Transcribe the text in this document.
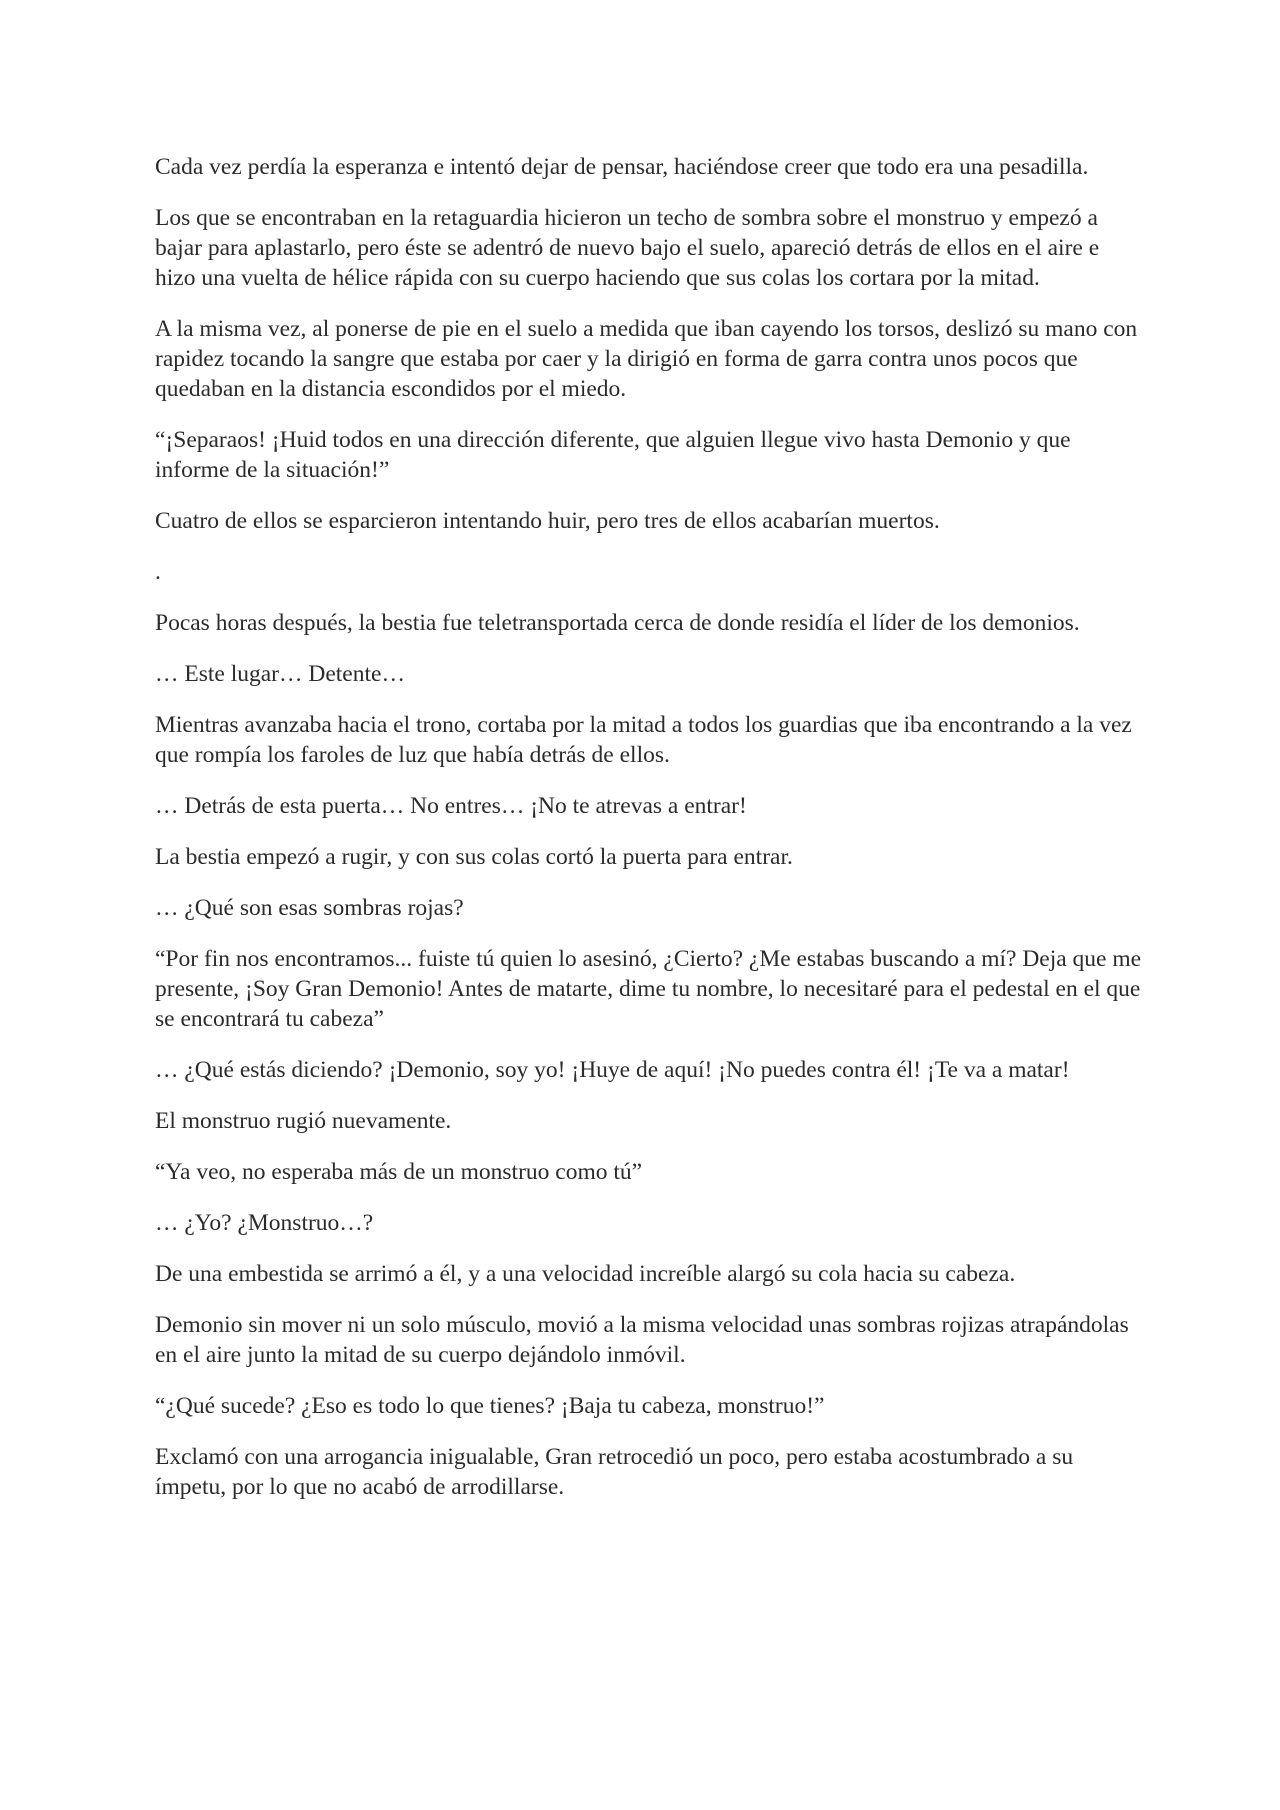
Cada vez perdía la esperanza e intentó dejar de pensar, haciéndose creer que todo era una pesadilla.

Los que se encontraban en la retaguardia hicieron un techo de sombra sobre el monstruo y empezó a bajar para aplastarlo, pero éste se adentró de nuevo bajo el suelo, apareció detrás de ellos en el aire e hizo una vuelta de hélice rápida con su cuerpo haciendo que sus colas los cortara por la mitad.

A la misma vez, al ponerse de pie en el suelo a medida que iban cayendo los torsos, deslizó su mano con rapidez tocando la sangre que estaba por caer y la dirigió en forma de garra contra unos pocos que quedaban en la distancia escondidos por el miedo.

“¡Separaos! ¡Huid todos en una dirección diferente, que alguien llegue vivo hasta Demonio y que informe de la situación!”

Cuatro de ellos se esparcieron intentando huir, pero tres de ellos acabarían muertos.

.

Pocas horas después, la bestia fue teletransportada cerca de donde residía el líder de los demonios.

… Este lugar… Detente…

Mientras avanzaba hacia el trono, cortaba por la mitad a todos los guardias que iba encontrando a la vez que rompía los faroles de luz que había detrás de ellos.

… Detrás de esta puerta… No entres… ¡No te atrevas a entrar!

La bestia empezó a rugir, y con sus colas cortó la puerta para entrar.

… ¿Qué son esas sombras rojas?

“Por fin nos encontramos... fuiste tú quien lo asesinó, ¿Cierto? ¿Me estabas buscando a mí? Deja que me presente, ¡Soy Gran Demonio! Antes de matarte, dime tu nombre, lo necesitaré para el pedestal en el que se encontrará tu cabeza”

… ¿Qué estás diciendo? ¡Demonio, soy yo! ¡Huye de aquí! ¡No puedes contra él! ¡Te va a matar!

El monstruo rugió nuevamente.

“Ya veo, no esperaba más de un monstruo como tú”

… ¿Yo? ¿Monstruo…?

De una embestida se arrimó a él, y a una velocidad increíble alargó su cola hacia su cabeza.

Demonio sin mover ni un solo músculo, movió a la misma velocidad unas sombras rojizas atrapándolas en el aire junto la mitad de su cuerpo dejándolo inmóvil.

“¿Qué sucede? ¿Eso es todo lo que tienes? ¡Baja tu cabeza, monstruo!”

Exclamó con una arrogancia inigualable, Gran retrocedió un poco, pero estaba acostumbrado a su ímpetu, por lo que no acabó de arrodillarse.
